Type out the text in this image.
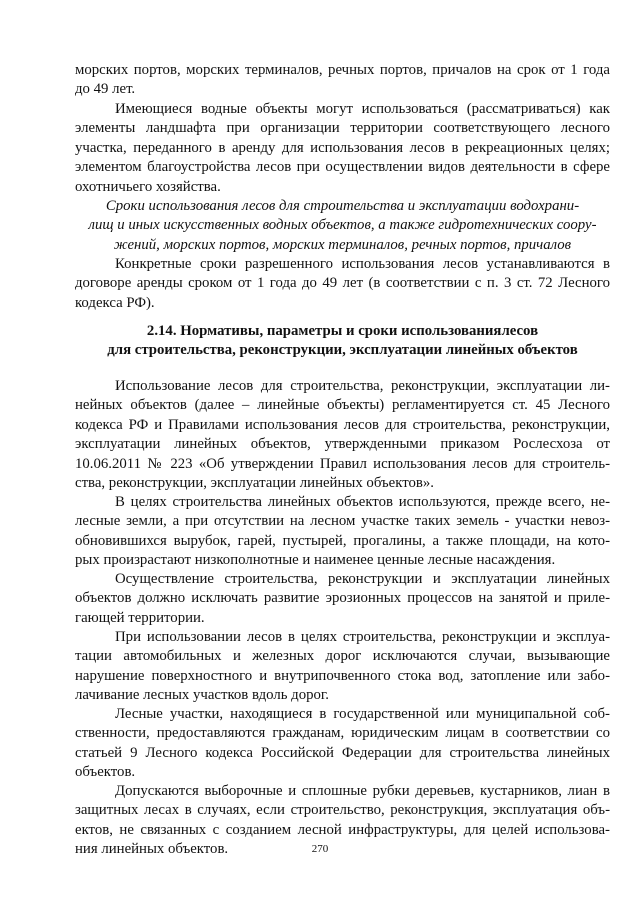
морских портов, морских терминалов, речных портов, причалов на срок от 1 года
до 49 лет.
Имеющиеся водные объекты могут использоваться (рассматриваться) как
элементы ландшафта при организации территории соответствующего лесного
участка, переданного в аренду для использования лесов в рекреационных целях;
элементом благоустройства лесов при осуществлении видов деятельности в сфере
охотничьего хозяйства.
Сроки использования лесов для строительства и эксплуатации водохрани-
лищ и иных искусственных водных объектов, а также гидротехнических соору-
жений, морских портов, морских терминалов, речных портов, причалов
Конкретные сроки разрешенного использования лесов устанавливаются в
договоре аренды сроком от 1 года до 49 лет (в соответствии с п. 3 ст. 72 Лесного
кодекса РФ).
2.14. Нормативы, параметры и сроки использованиялесов
для строительства, реконструкции, эксплуатации линейных объектов
Использование лесов для строительства, реконструкции, эксплуатации ли-
нейных объектов (далее – линейные объекты) регламентируется ст. 45 Лесного
кодекса РФ и Правилами использования лесов для строительства, реконструкции,
эксплуатации линейных объектов, утвержденными приказом Рослесхоза от
10.06.2011 № 223 «Об утверждении Правил использования лесов для строитель-
ства, реконструкции, эксплуатации линейных объектов».
В целях строительства линейных объектов используются, прежде всего, не-
лесные земли, а при отсутствии на лесном участке таких земель - участки невоз-
обновившихся вырубок, гарей, пустырей, прогалины, а также площади, на кото-
рых произрастают низкополнотные и наименее ценные лесные насаждения.
Осуществление строительства, реконструкции и эксплуатации линейных
объектов должно исключать развитие эрозионных процессов на занятой и приле-
гающей территории.
При использовании лесов в целях строительства, реконструкции и эксплуа-
тации автомобильных и железных дорог исключаются случаи, вызывающие
нарушение поверхностного и внутрипочвенного стока вод, затопление или забо-
лачивание лесных участков вдоль дорог.
Лесные участки, находящиеся в государственной или муниципальной соб-
ственности, предоставляются гражданам, юридическим лицам в соответствии со
статьей 9 Лесного кодекса Российской Федерации для строительства линейных
объектов.
Допускаются выборочные и сплошные рубки деревьев, кустарников, лиан в
защитных лесах в случаях, если строительство, реконструкция, эксплуатация объ-
ектов, не связанных с созданием лесной инфраструктуры, для целей использова-
ния линейных объектов.	270
